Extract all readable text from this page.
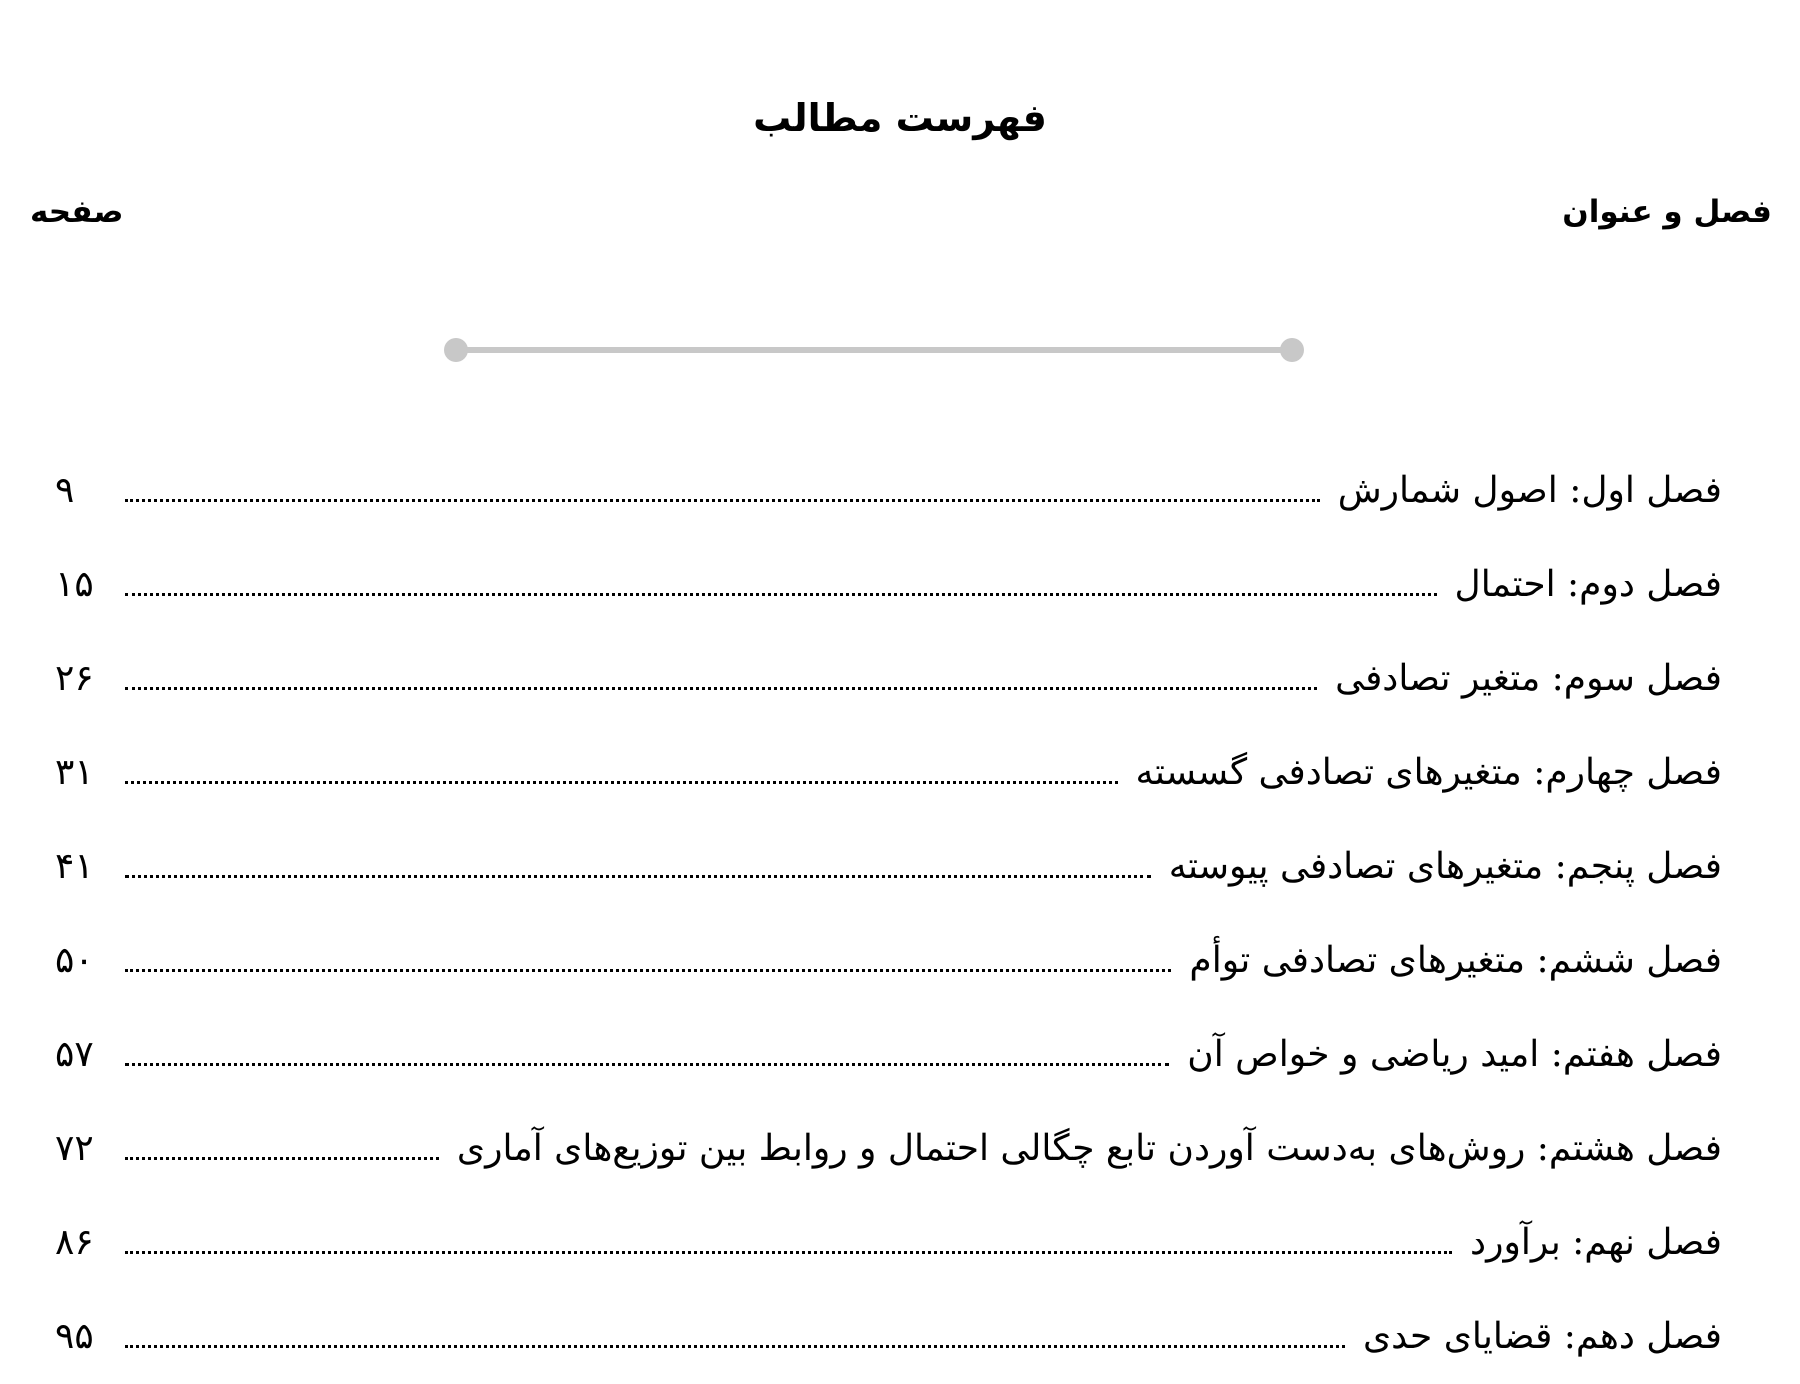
فهرست مطالب
فصل و عنوان
صفحه
فصل اول: اصول شمارش
۹
فصل دوم: احتمال
۱۵
فصل سوم: متغیر تصادفی
۲۶
فصل چهارم: متغیرهای تصادفی گسسته
۳۱
فصل پنجم: متغیرهای تصادفی پیوسته
۴۱
فصل ششم: متغیرهای تصادفی توأم
۵۰
فصل هفتم: امید ریاضی و خواص آن
۵۷
فصل هشتم: روش‌های به‌دست آوردن تابع چگالی احتمال و روابط بین توزیع‌های آماری
۷۲
فصل نهم: برآورد
۸۶
فصل دهم: قضایای حدی
۹۵
